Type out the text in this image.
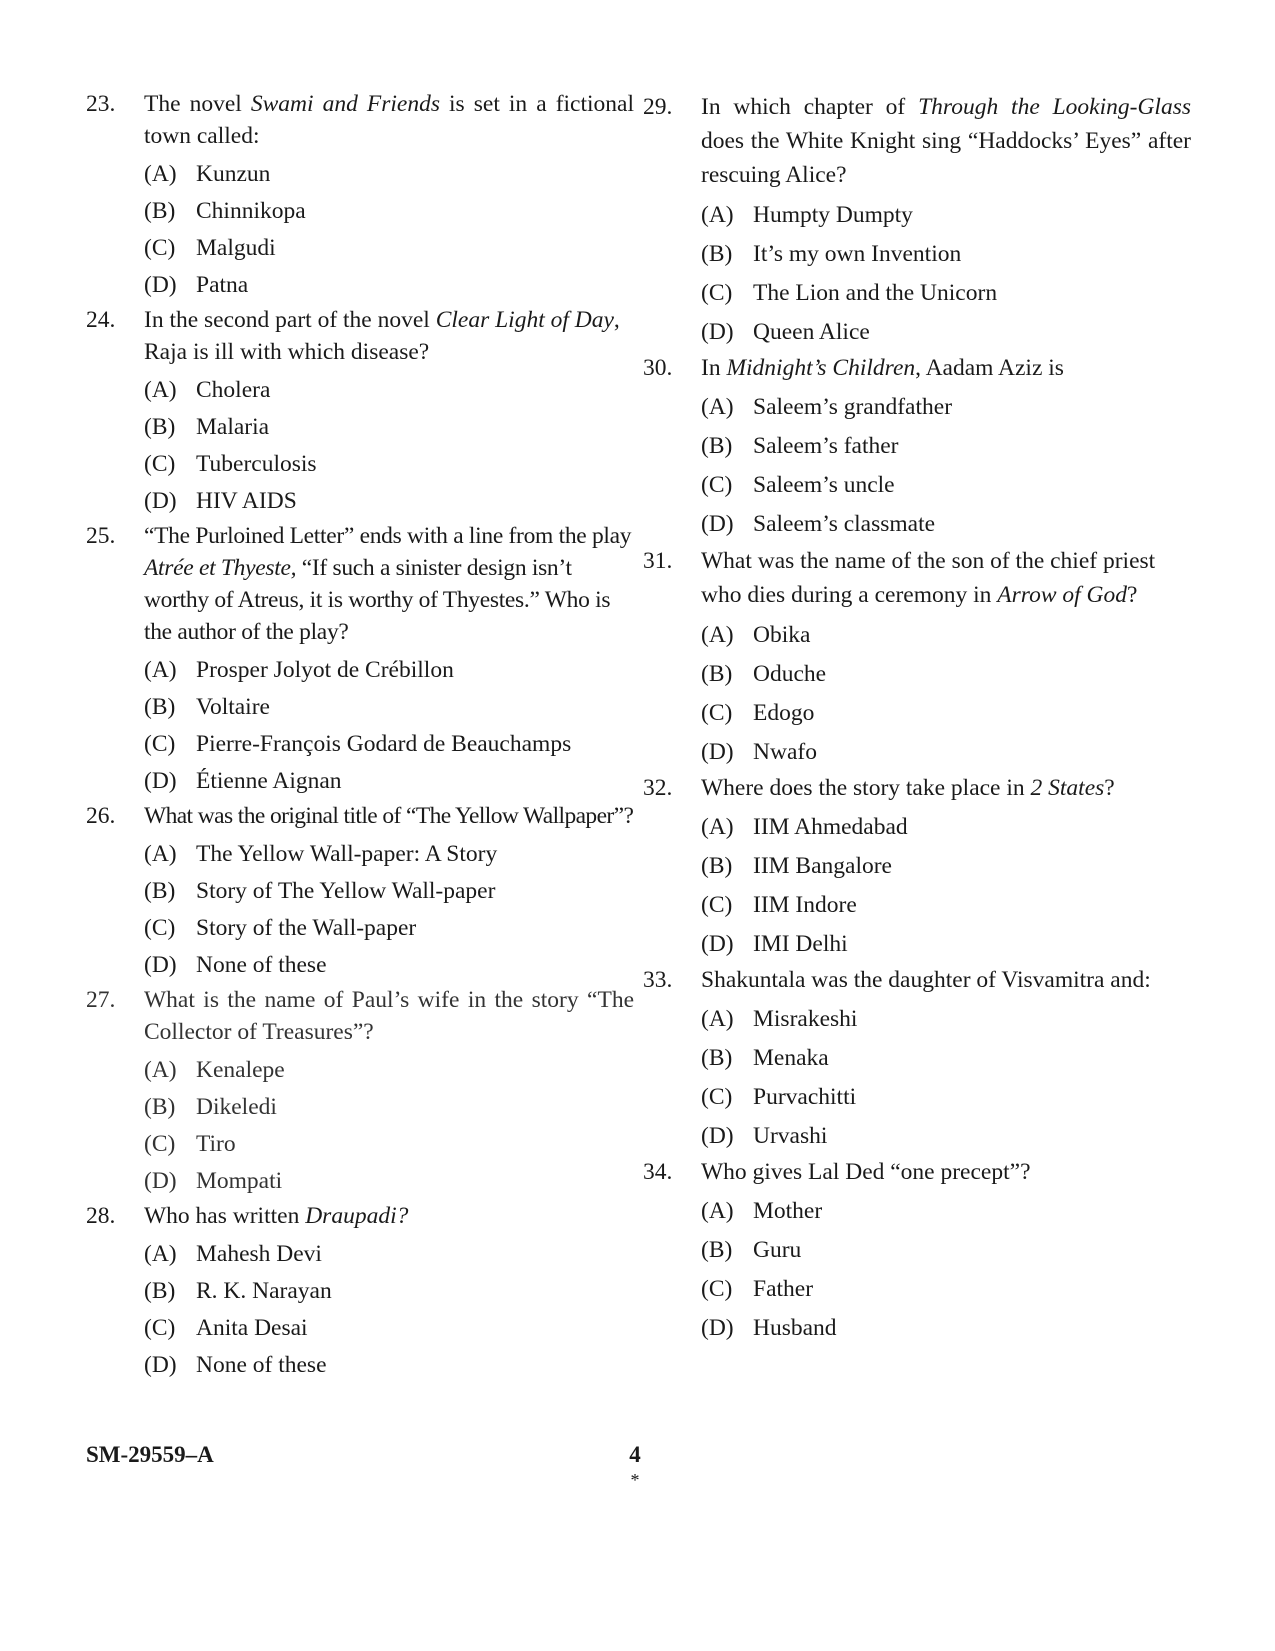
23. The novel Swami and Friends is set in a fictional town called:
(A) Kunzun
(B) Chinnikopa
(C) Malgudi
(D) Patna
24. In the second part of the novel Clear Light of Day, Raja is ill with which disease?
(A) Cholera
(B) Malaria
(C) Tuberculosis
(D) HIV AIDS
25. “The Purloined Letter” ends with a line from the play Atrée et Thyeste, “If such a sinister design isn’t worthy of Atreus, it is worthy of Thyestes.” Who is the author of the play?
(A) Prosper Jolyot de Crébillon
(B) Voltaire
(C) Pierre-François Godard de Beauchamps
(D) Étienne Aignan
26. What was the original title of “The Yellow Wallpaper”?
(A) The Yellow Wall-paper: A Story
(B) Story of The Yellow Wall-paper
(C) Story of the Wall-paper
(D) None of these
27. What is the name of Paul’s wife in the story “The Collector of Treasures”?
(A) Kenalepe
(B) Dikeledi
(C) Tiro
(D) Mompati
28. Who has written Draupadi?
(A) Mahesh Devi
(B) R. K. Narayan
(C) Anita Desai
(D) None of these
29. In which chapter of Through the Looking-Glass does the White Knight sing “Haddocks’ Eyes” after rescuing Alice?
(A) Humpty Dumpty
(B) It’s my own Invention
(C) The Lion and the Unicorn
(D) Queen Alice
30. In Midnight’s Children, Aadam Aziz is
(A) Saleem’s grandfather
(B) Saleem’s father
(C) Saleem’s uncle
(D) Saleem’s classmate
31. What was the name of the son of the chief priest who dies during a ceremony in Arrow of God?
(A) Obika
(B) Oduche
(C) Edogo
(D) Nwafo
32. Where does the story take place in 2 States?
(A) IIM Ahmedabad
(B) IIM Bangalore
(C) IIM Indore
(D) IMI Delhi
33. Shakuntala was the daughter of Visvamitra and:
(A) Misrakeshi
(B) Menaka
(C) Purvachitti
(D) Urvashi
34. Who gives Lal Ded “one precept”?
(A) Mother
(B) Guru
(C) Father
(D) Husband
SM-29559–A	4
*
